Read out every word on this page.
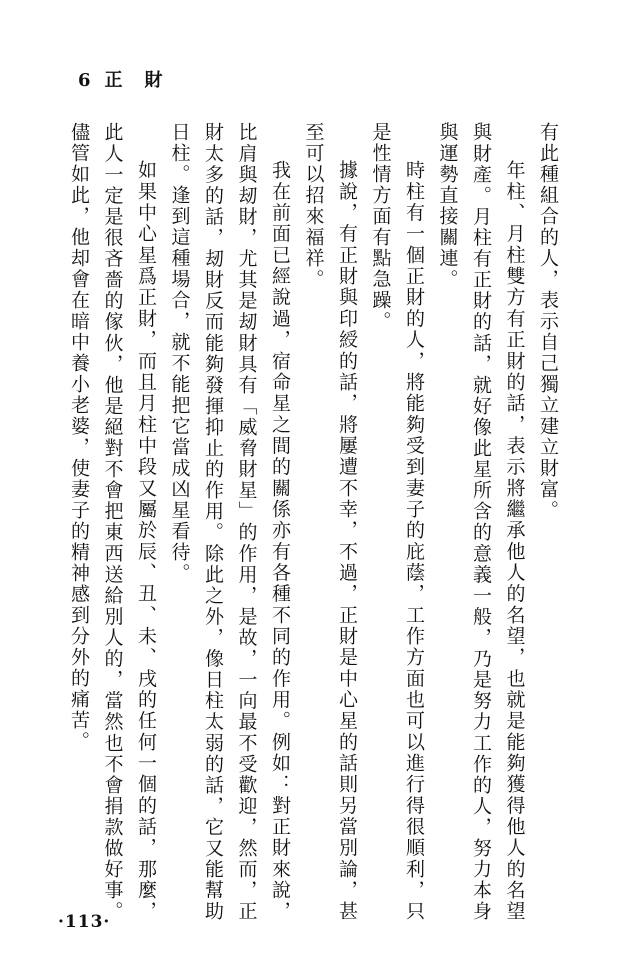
6 正財

有此種組合的人，表示自己獨立建立財富。

年柱、月柱雙方有正財的話，表示將繼承他人的名望，也就是能夠獲得他人的名望與財產。月柱有正財的話，就好像此星所含的意義一般，乃是努力工作的人，努力本身與運勢直接關連。

時柱有一個正財的人，將能夠受到妻子的庇蔭，工作方面也可以進行得很順利，只是性情方面有點急躁。

據說，有正財與印綬的話，將屢遭不幸，不過，正財是中心星的話則另當別論，甚至可以招來福祥。

我在前面已經說過，宿命星之間的關係亦有各種不同的作用。例如：對正財來說，比肩與刼財，尤其是刼財具有「威脅財星」的作用，是故，一向最不受歡迎，然而，正財太多的話，刼財反而能夠發揮抑止的作用。除此之外，像日柱太弱的話，它又能幫助日柱。逢到這種場合，就不能把它當成凶星看待。

如果中心星爲正財，而且月柱中段又屬於辰、丑、未、戌的任何一個的話，那麼，此人一定是很吝嗇的傢伙，他是絕對不會把東西送給別人的，當然也不會捐款做好事。儘管如此，他却會在暗中養小老婆，使妻子的精神感到分外的痛苦。

·113·
